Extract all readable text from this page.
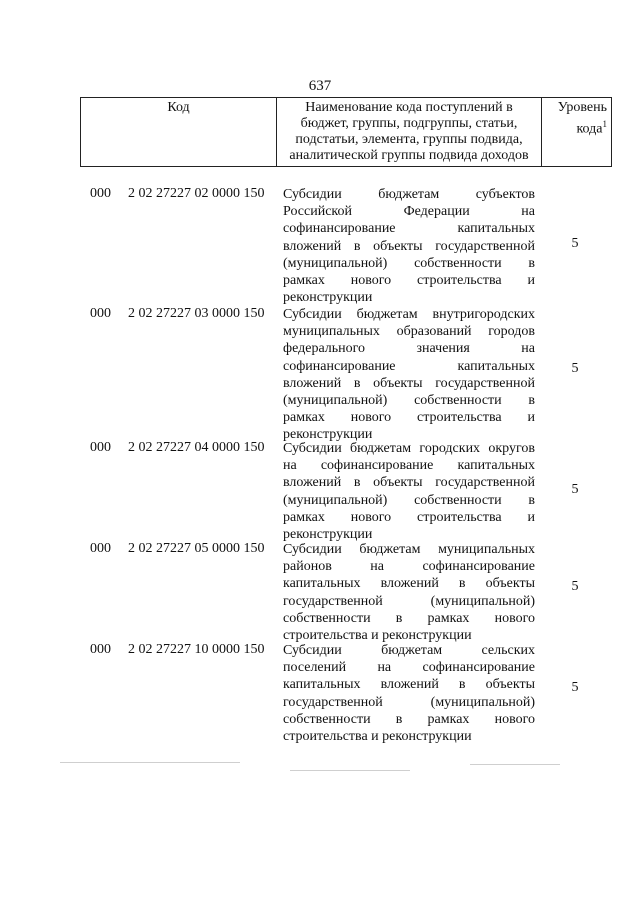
637
Код	Наименование кода поступлений в бюджет, группы, подгруппы, статьи, подстатьи, элемента, группы подвида, аналитической группы подвида доходов	Уровень кода$^1$
000 2 02 27227 02 0000 150 Субсидии бюджетам субъектов
Российской Федерации на
софинансирование капитальных
вложений в объекты государственной
(муниципальной) собственности в
рамках нового строительства и
реконструкции
5
000 2 02 27227 03 0000 150 Субсидии бюджетам внутригородских
муниципальных образований городов
федерального значения на
софинансирование капитальных
вложений в объекты государственной
(муниципальной) собственности в
рамках нового строительства и
реконструкции
5
000 2 02 27227 04 0000 150 Субсидии бюджетам городских округов
на софинансирование капитальных
вложений в объекты государственной
(муниципальной) собственности в
рамках нового строительства и
реконструкции
5
000 2 02 27227 05 0000 150 Субсидии бюджетам муниципальных
районов на софинансирование
капитальных вложений в объекты
государственной (муниципальной)
собственности в рамках нового
строительства и реконструкции
5
000 2 02 27227 10 0000 150 Субсидии бюджетам сельских
поселений на софинансирование
капитальных вложений в объекты
государственной (муниципальной)
собственности в рамках нового
строительства и реконструкции
5
